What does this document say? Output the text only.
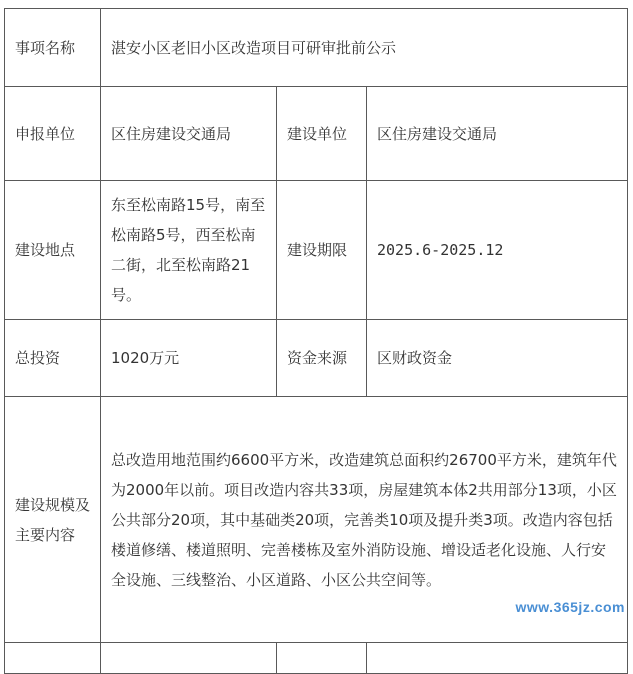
事项名称	湛安小区老旧小区改造项目可研审批前公示		
申报单位	区住房建设交通局	建设单位	区住房建设交通局
建设地点	东至松南路15号，南至松南路5号，西至松南二街，北至松南路21号。	建设期限	2025.6-2025.12
总投资	1020万元	资金来源	区财政资金
建设规模及主要内容	总改造用地范围约6600平方米，改造建筑总面积约26700平方米，建筑年代为2000年以前。项目改造内容共33项，房屋建筑本体2共用部分13项，小区公共部分20项，其中基础类20项，完善类10项及提升类3项。改造内容包括楼道修缮、楼道照明、完善楼栋及室外消防设施、增设适老化设施、人行安全设施、三线整治、小区道路、小区公共空间等。		

www.365jz.com
